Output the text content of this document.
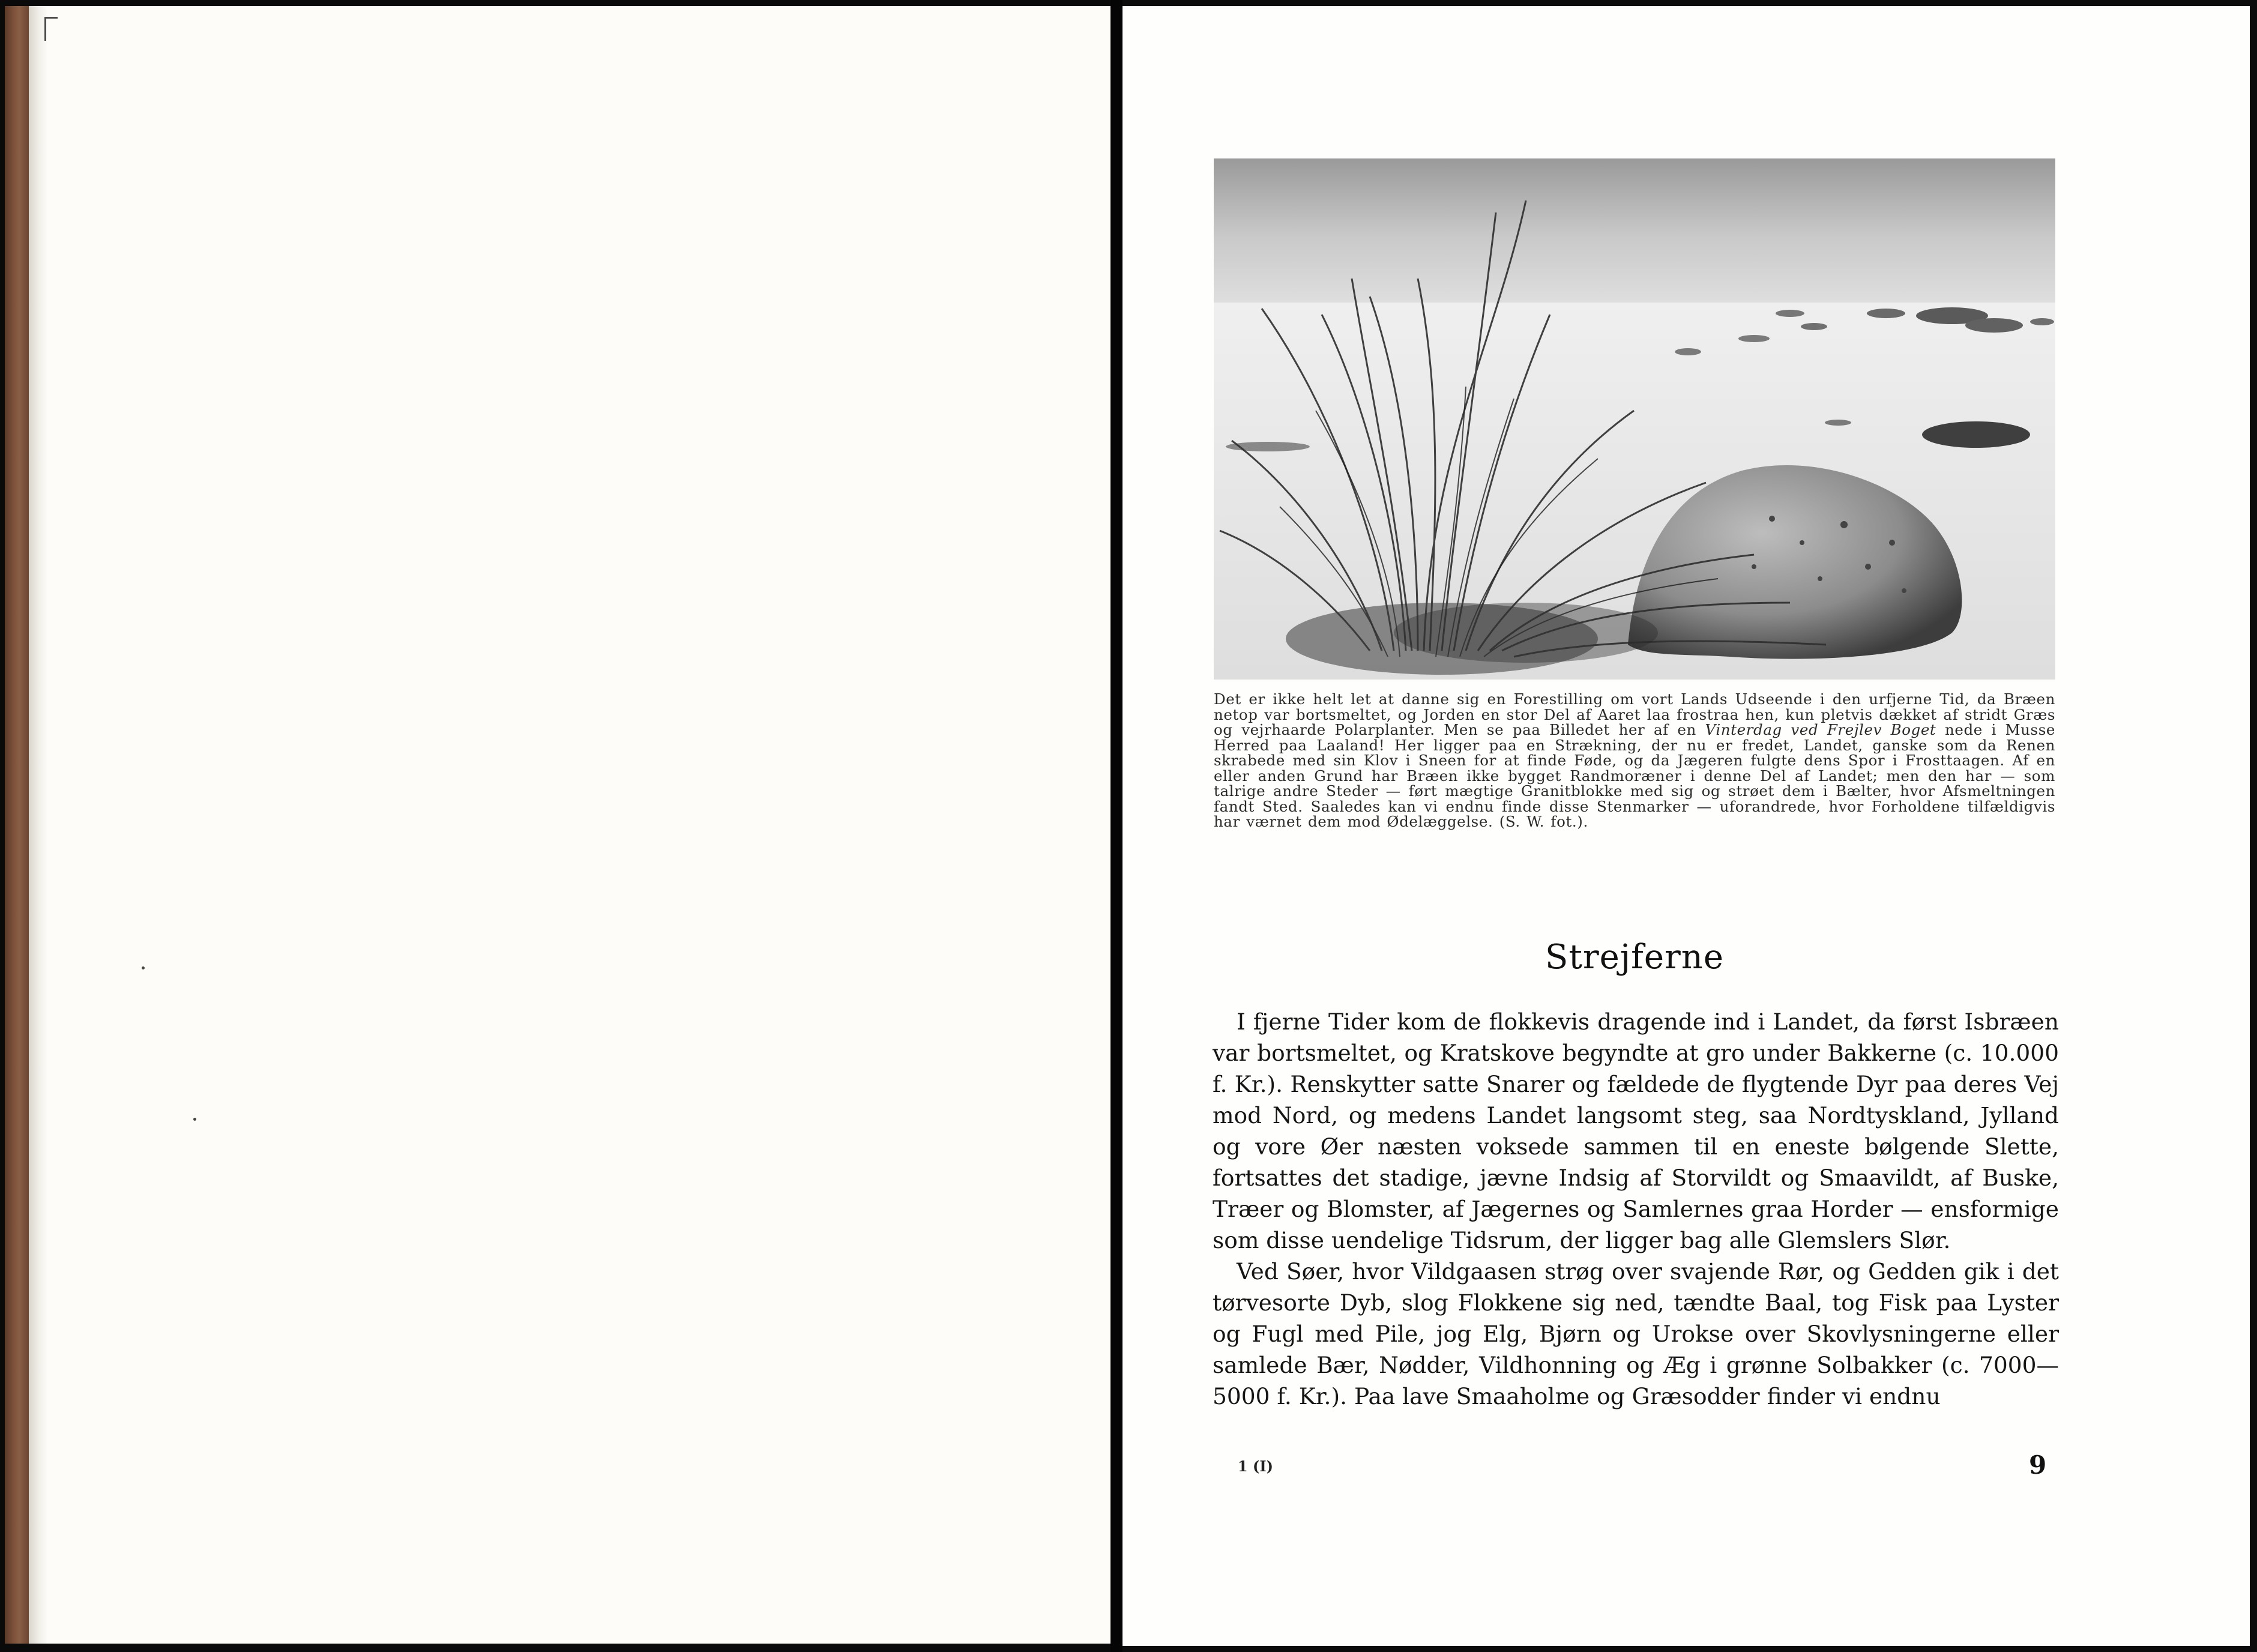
Det er ikke helt let at danne sig en Forestilling om vort Lands Udseende i den urfjerne Tid, da Bræen netop var bortsmeltet, og Jorden en stor Del af Aaret laa frostraa hen, kun pletvis dækket af stridt Græs og vejrhaarde Polarplanter. Men se paa Billedet her af en Vinterdag ved Frejlev Boget nede i Musse Herred paa Laaland! Her ligger paa en Strækning, der nu er fredet, Landet, ganske som da Renen skrabede med sin Klov i Sneen for at finde Føde, og da Jægeren fulgte dens Spor i Frosttaagen. Af en eller anden Grund har Bræen ikke bygget Randmoræner i denne Del af Landet; men den har — som talrige andre Steder — ført mægtige Granitblokke med sig og strøet dem i Bælter, hvor Afsmeltningen fandt Sted. Saaledes kan vi endnu finde disse Stenmarker — uforandrede, hvor Forholdene tilfældigvis har værnet dem mod Ødelæggelse. (S. W. fot.).
Strejferne

I fjerne Tider kom de flokkevis dragende ind i Landet, da først Isbræen var bortsmeltet, og Kratskove begyndte at gro under Bakkerne (c. 10.000 f. Kr.). Renskytter satte Snarer og fældede de flygtende Dyr paa deres Vej mod Nord, og medens Landet langsomt steg, saa Nordtyskland, Jylland og vore Øer næsten voksede sammen til en eneste bølgende Slette, fortsattes det stadige, jævne Indsig af Storvildt og Smaavildt, af Buske, Træer og Blomster, af Jægernes og Samlernes graa Horder — ensformige som disse uendelige Tidsrum, der ligger bag alle Glemslers Slør.

Ved Søer, hvor Vildgaasen strøg over svajende Rør, og Gedden gik i det tørvesorte Dyb, slog Flokkene sig ned, tændte Baal, tog Fisk paa Lyster og Fugl med Pile, jog Elg, Bjørn og Urokse over Skovlysningerne eller samlede Bær, Nødder, Vildhonning og Æg i grønne Solbakker (c. 7000—5000 f. Kr.). Paa lave Smaaholme og Græsodder finder vi endnu

1 (I)	9
